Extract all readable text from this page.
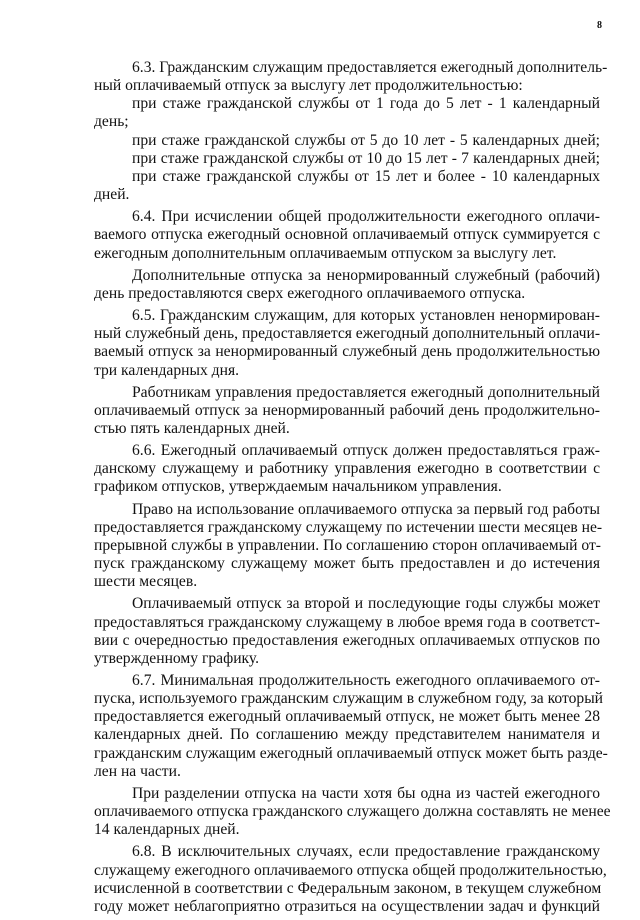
8
6.3. Гражданским служащим предоставляется ежегодный дополнитель-
ный оплачиваемый отпуск за выслугу лет продолжительностью:
при стаже гражданской службы от 1 года до 5 лет - 1 календарный
день;
при стаже гражданской службы от 5 до 10 лет - 5 календарных дней;
при стаже гражданской службы от 10 до 15 лет - 7 календарных дней;
при стаже гражданской службы от 15 лет и более - 10 календарных
дней.
6.4. При исчислении общей продолжительности ежегодного оплачи-
ваемого отпуска ежегодный основной оплачиваемый отпуск суммируется с
ежегодным дополнительным оплачиваемым отпуском за выслугу лет.
Дополнительные отпуска за ненормированный служебный (рабочий)
день предоставляются сверх ежегодного оплачиваемого отпуска.
6.5. Гражданским служащим, для которых установлен ненормирован-
ный служебный день, предоставляется ежегодный дополнительный оплачи-
ваемый отпуск за ненормированный служебный день продолжительностью
три календарных дня.
Работникам управления предоставляется ежегодный дополнительный
оплачиваемый отпуск за ненормированный рабочий день продолжительно-
стью пять календарных дней.
6.6. Ежегодный оплачиваемый отпуск должен предоставляться граж-
данскому служащему и работнику управления ежегодно в соответствии с
графиком отпусков, утверждаемым начальником управления.
Право на использование оплачиваемого отпуска за первый год работы
предоставляется гражданскому служащему по истечении шести месяцев не-
прерывной службы в управлении. По соглашению сторон оплачиваемый от-
пуск гражданскому служащему может быть предоставлен и до истечения
шести месяцев.
Оплачиваемый отпуск за второй и последующие годы службы может
предоставляться гражданскому служащему в любое время года в соответст-
вии с очередностью предоставления ежегодных оплачиваемых отпусков по
утвержденному графику.
6.7. Минимальная продолжительность ежегодного оплачиваемого от-
пуска, используемого гражданским служащим в служебном году, за который
предоставляется ежегодный оплачиваемый отпуск, не может быть менее 28
календарных дней. По соглашению между представителем нанимателя и
гражданским служащим ежегодный оплачиваемый отпуск может быть разде-
лен на части.
При разделении отпуска на части хотя бы одна из частей ежегодного
оплачиваемого отпуска гражданского служащего должна составлять не менее
14 календарных дней.
6.8. В исключительных случаях, если предоставление гражданскому
служащему ежегодного оплачиваемого отпуска общей продолжительностью,
исчисленной в соответствии с Федеральным законом, в текущем служебном
году может неблагоприятно отразиться на осуществлении задач и функций
